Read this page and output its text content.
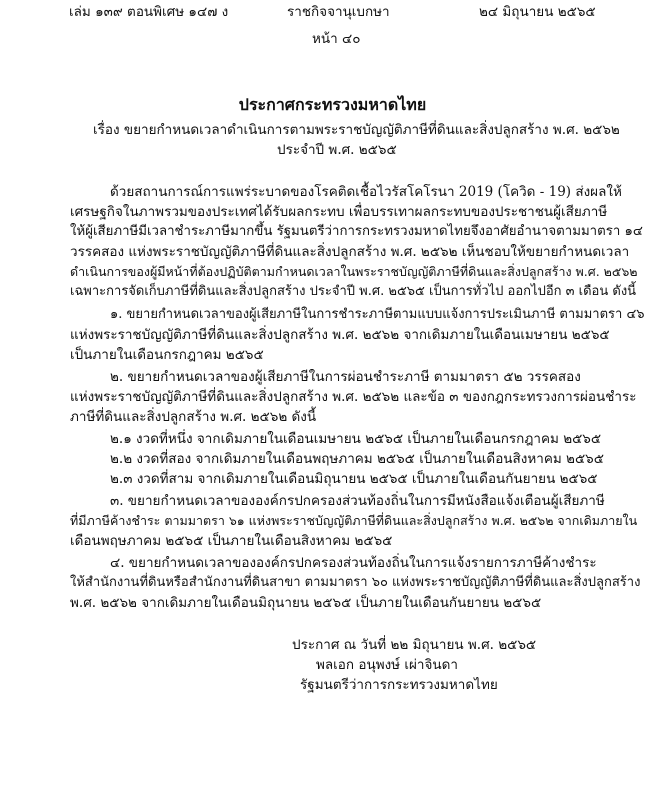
หน้า ๔๐
เล่ม ๑๓๙ ตอนพิเศษ ๑๔๗ ง	ราชกิจจานุเบกษา	๒๔ มิถุนายน ๒๕๖๕
ประกาศกระทรวงมหาดไทย
เรื่อง ขยายกำหนดเวลาดำเนินการตามพระราชบัญญัติภาษีที่ดินและสิ่งปลูกสร้าง พ.ศ. ๒๕๖๒
ประจำปี พ.ศ. ๒๕๖๕
ด้วยสถานการณ์การแพร่ระบาดของโรคติดเชื้อไวรัสโคโรนา 2019 (โควิด - 19) ส่งผลให้
เศรษฐกิจในภาพรวมของประเทศได้รับผลกระทบ เพื่อบรรเทาผลกระทบของประชาชนผู้เสียภาษี
ให้ผู้เสียภาษีมีเวลาชำระภาษีมากขึ้น รัฐมนตรีว่าการกระทรวงมหาดไทยจึงอาศัยอำนาจตามมาตรา ๑๔
วรรคสอง แห่งพระราชบัญญัติภาษีที่ดินและสิ่งปลูกสร้าง พ.ศ. ๒๕๖๒ เห็นชอบให้ขยายกำหนดเวลา
ดำเนินการของผู้มีหน้าที่ต้องปฏิบัติตามกำหนดเวลาในพระราชบัญญัติภาษีที่ดินและสิ่งปลูกสร้าง พ.ศ. ๒๕๖๒
เฉพาะการจัดเก็บภาษีที่ดินและสิ่งปลูกสร้าง ประจำปี พ.ศ. ๒๕๖๕ เป็นการทั่วไป ออกไปอีก ๓ เดือน ดังนี้
๑. ขยายกำหนดเวลาของผู้เสียภาษีในการชำระภาษีตามแบบแจ้งการประเมินภาษี ตามมาตรา ๔๖
แห่งพระราชบัญญัติภาษีที่ดินและสิ่งปลูกสร้าง พ.ศ. ๒๕๖๒ จากเดิมภายในเดือนเมษายน ๒๕๖๕
เป็นภายในเดือนกรกฎาคม ๒๕๖๕
๒. ขยายกำหนดเวลาของผู้เสียภาษีในการผ่อนชำระภาษี ตามมาตรา ๕๒ วรรคสอง
แห่งพระราชบัญญัติภาษีที่ดินและสิ่งปลูกสร้าง พ.ศ. ๒๕๖๒ และข้อ ๓ ของกฎกระทรวงการผ่อนชำระ
ภาษีที่ดินและสิ่งปลูกสร้าง พ.ศ. ๒๕๖๒ ดังนี้
๒.๑ งวดที่หนึ่ง จากเดิมภายในเดือนเมษายน ๒๕๖๕ เป็นภายในเดือนกรกฎาคม ๒๕๖๕
๒.๒ งวดที่สอง จากเดิมภายในเดือนพฤษภาคม ๒๕๖๕ เป็นภายในเดือนสิงหาคม ๒๕๖๕
๒.๓ งวดที่สาม จากเดิมภายในเดือนมิถุนายน ๒๕๖๕ เป็นภายในเดือนกันยายน ๒๕๖๕
๓. ขยายกำหนดเวลาขององค์กรปกครองส่วนท้องถิ่นในการมีหนังสือแจ้งเตือนผู้เสียภาษี
ที่มีภาษีค้างชำระ ตามมาตรา ๖๑ แห่งพระราชบัญญัติภาษีที่ดินและสิ่งปลูกสร้าง พ.ศ. ๒๕๖๒ จากเดิมภายใน
เดือนพฤษภาคม ๒๕๖๕ เป็นภายในเดือนสิงหาคม ๒๕๖๕
๔. ขยายกำหนดเวลาขององค์กรปกครองส่วนท้องถิ่นในการแจ้งรายการภาษีค้างชำระ
ให้สำนักงานที่ดินหรือสำนักงานที่ดินสาขา ตามมาตรา ๖๐ แห่งพระราชบัญญัติภาษีที่ดินและสิ่งปลูกสร้าง
พ.ศ. ๒๕๖๒ จากเดิมภายในเดือนมิถุนายน ๒๕๖๕ เป็นภายในเดือนกันยายน ๒๕๖๕
ประกาศ ณ วันที่ ๒๒ มิถุนายน พ.ศ. ๒๕๖๕
พลเอก อนุพงษ์ เผ่าจินดา
รัฐมนตรีว่าการกระทรวงมหาดไทย
